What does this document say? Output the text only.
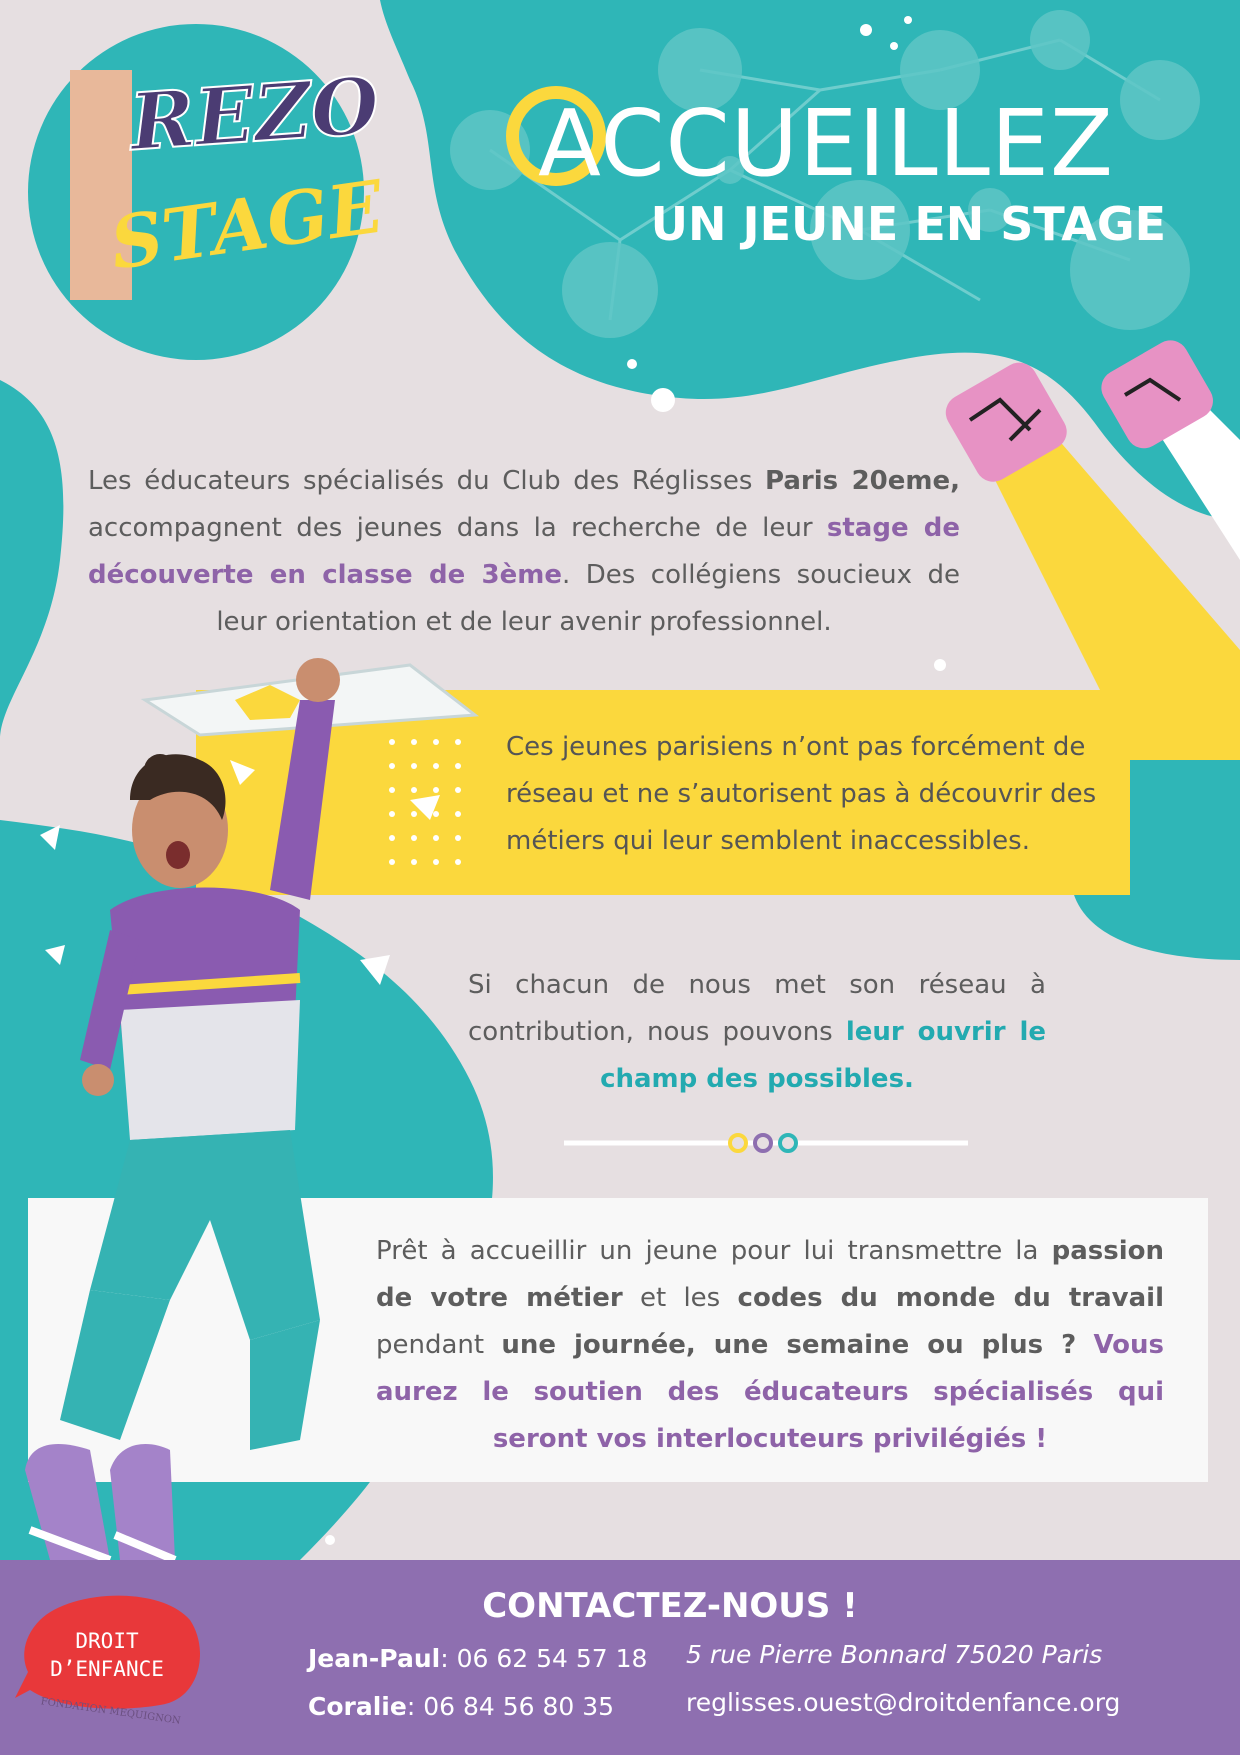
REZO
STAGE
ACCUEILLEZ
UN JEUNE EN STAGE
Les éducateurs spécialisés du Club des Réglisses Paris 20eme, accompagnent des jeunes dans la recherche de leur stage de découverte en classe de 3ème. Des collégiens soucieux de leur orientation et de leur avenir professionnel.
Ces jeunes parisiens n’ont pas forcément de réseau et ne s’autorisent pas à découvrir des métiers qui leur semblent inaccessibles.
Si chacun de nous met son réseau à contribution, nous pouvons leur ouvrir le champ des possibles.
Prêt à accueillir un jeune pour lui transmettre la passion de votre métier et les codes du monde du travail pendant une journée, une semaine ou plus ? Vous aurez le soutien des éducateurs spécialisés qui seront vos interlocuteurs privilégiés !
CONTACTEZ-NOUS !
Jean-Paul: 06 62 54 57 18
Coralie: 06 84 56 80 35
5 rue Pierre Bonnard 75020 Paris
reglisses.ouest@droitdenfance.org
DROIT
D’ENFANCE
FONDATION MEQUIGNON
